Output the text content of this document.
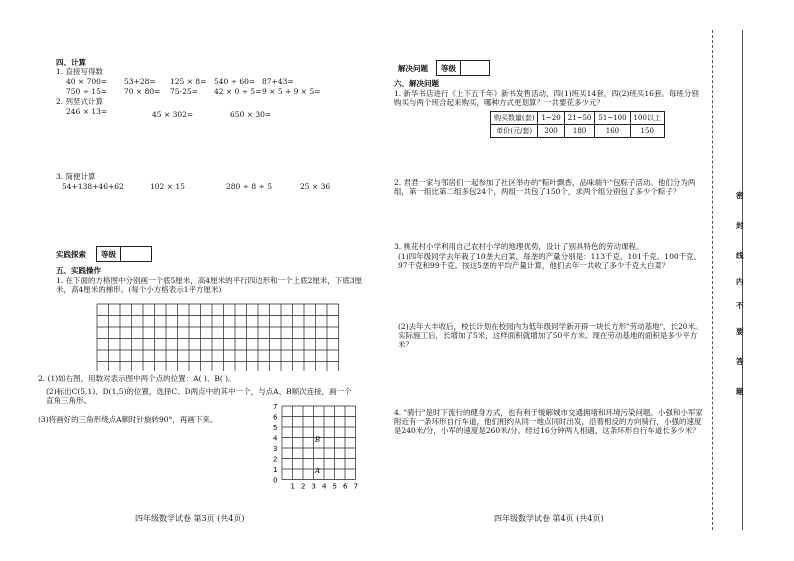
四、计算
1. 直接写得数
40 × 700= 53+28= 125 × 8= 540 ÷ 60= 87+43=
750 ÷ 15= 70 × 80= 75-25= 42 × 0 ÷ 5= 9 × 5 + 9 × 5=
2. 列竖式计算
246 × 13=	45 × 302=	650 × 30=
3. 简便计算
54+138+46+62	102 × 15	280 ÷ 8 ÷ 5	25 × 36
实践探索	等级
五、实践操作
1. 在下面的方格图中分别画一个底5厘米，高4厘米的平行四边形和一个上底2厘米，下底3厘米，高4厘米的梯形。(每个小方格表示1平方厘米)
2. (1)如右图，用数对表示图中两个点的位置：A( )、B( )。
(2)标出C(5,1)、D(1,5)的位置，选择C、D两点中的其中一个，与点A、B顺次连接，画一个直角三角形。
(3)将画好的三角形绕点A顺时针旋转90°，再画下来。
7
6
5
4
3
2
1
0
1 2 3 4 5 6 7
B
A
四年级数学试卷 第3页 (共4页)
解决问题	等级
六、解决问题
1. 新华书店进行《上下五千年》新书发售活动，四(1)班买14套，四(2)班买16套。每班分别购买与两个班合起来购买，哪种方式更划算？一共要花多少元？
购买数量(套)	1~20	21~50	51~100	100以上
单价(元/套)	200	180	160	150
2. 君君一家与邻居们一起参加了社区举办的"粽叶飘香，品味端午"包粽子活动。他们分为两组，第一组比第二组多包24个，两组一共包了150个，求两个组分别包了多少个粽子？
3. 桃花村小学利用自己农村小学的地理优势，设计了别具特色的劳动课程。
(1)四年级同学去年栽了10垄大白菜，每垄的产量分别是：113千克、101千克、100千克、97千克和99千克。按这5垄的平均产量计算，他们去年一共收了多少千克大白菜？
(2)去年大丰收后，校长计划在校园内为低年级同学新开辟一块长方形"劳动基地"，长20米。实际施工后，长增加了5米，这样面积就增加了50平方米。现在劳动基地的面积是多少平方米？
4. "骑行"是时下流行的健身方式，也有利于缓解城市交通拥堵和环境污染问题。小强和小军家附近有一条环形自行车道，他们相约从同一地点同时出发，沿着相反的方向骑行，小强的速度是240米/分，小军的速度是260米/分。经过16分钟两人相遇，这条环形自行车道长多少米？
四年级数学试卷 第4页 (共4页)
密
封
线
内
不
要
答
题
